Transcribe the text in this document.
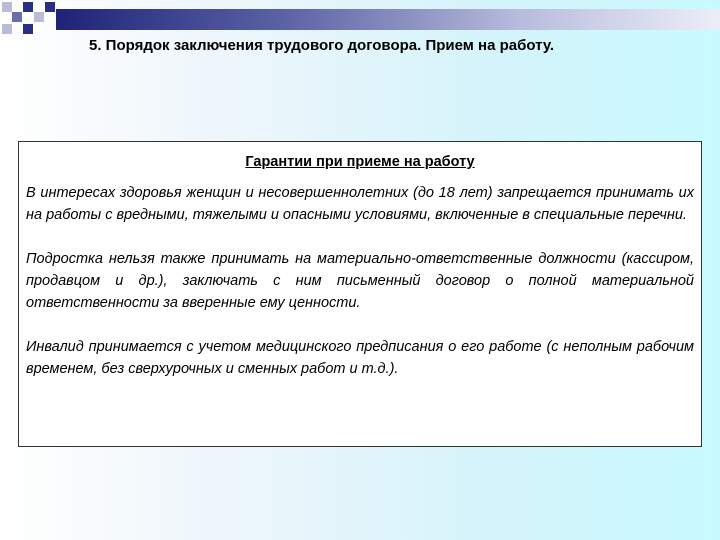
5. Порядок заключения трудового договора. Прием на работу.
Гарантии при приеме на работу

В интересах здоровья женщин и несовершеннолетних (до 18 лет) запрещается принимать их на работы с вредными, тяжелыми и опасными условиями, включенные в специальные перечни.

Подростка нельзя также принимать на материально-ответственные должности (кассиром, продавцом и др.), заключать с ним письменный договор о полной материальной ответственности за вверенные ему ценности.

Инвалид принимается с учетом медицинского предписания о его работе (с неполным рабочим временем, без сверхурочных и сменных работ и т.д.).
